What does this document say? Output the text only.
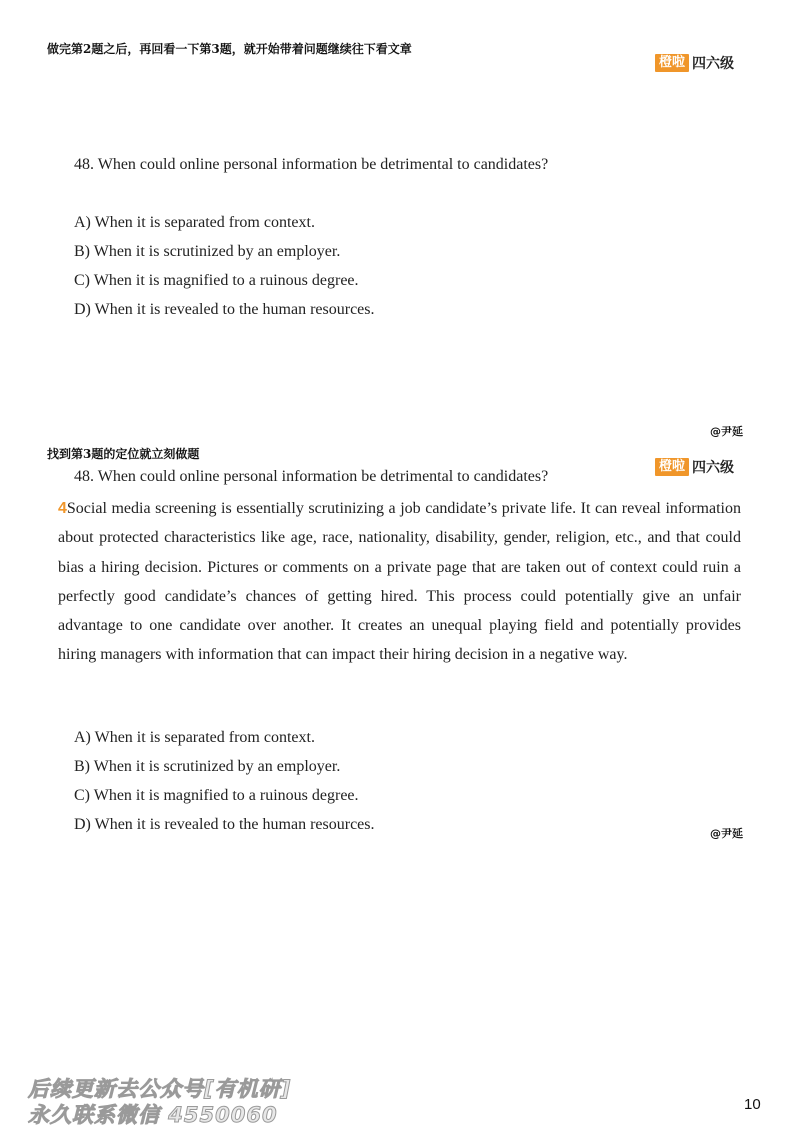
做完第2题之后，再回看一下第3题，就开始带着问题继续往下看文章
橙啦 四六级
48. When could online personal information be detrimental to candidates?
A) When it is separated from context.
B) When it is scrutinized by an employer.
C) When it is magnified to a ruinous degree.
D) When it is revealed to the human resources.
@尹延
找到第3题的定位就立刻做题
橙啦 四六级
48. When could online personal information be detrimental to candidates?
4Social media screening is essentially scrutinizing a job candidate’s private life. It can reveal information about protected characteristics like age, race, nationality, disability, gender, religion, etc., and that could bias a hiring decision. Pictures or comments on a private page that are taken out of context could ruin a perfectly good candidate’s chances of getting hired. This process could potentially give an unfair advantage to one candidate over another. It creates an unequal playing field and potentially provides hiring managers with information that can impact their hiring decision in a negative way.
A) When it is separated from context.
B) When it is scrutinized by an employer.
C) When it is magnified to a ruinous degree.
D) When it is revealed to the human resources.
@尹延
后续更新去公众号[有机研]
永久联系微信 4550060	10
